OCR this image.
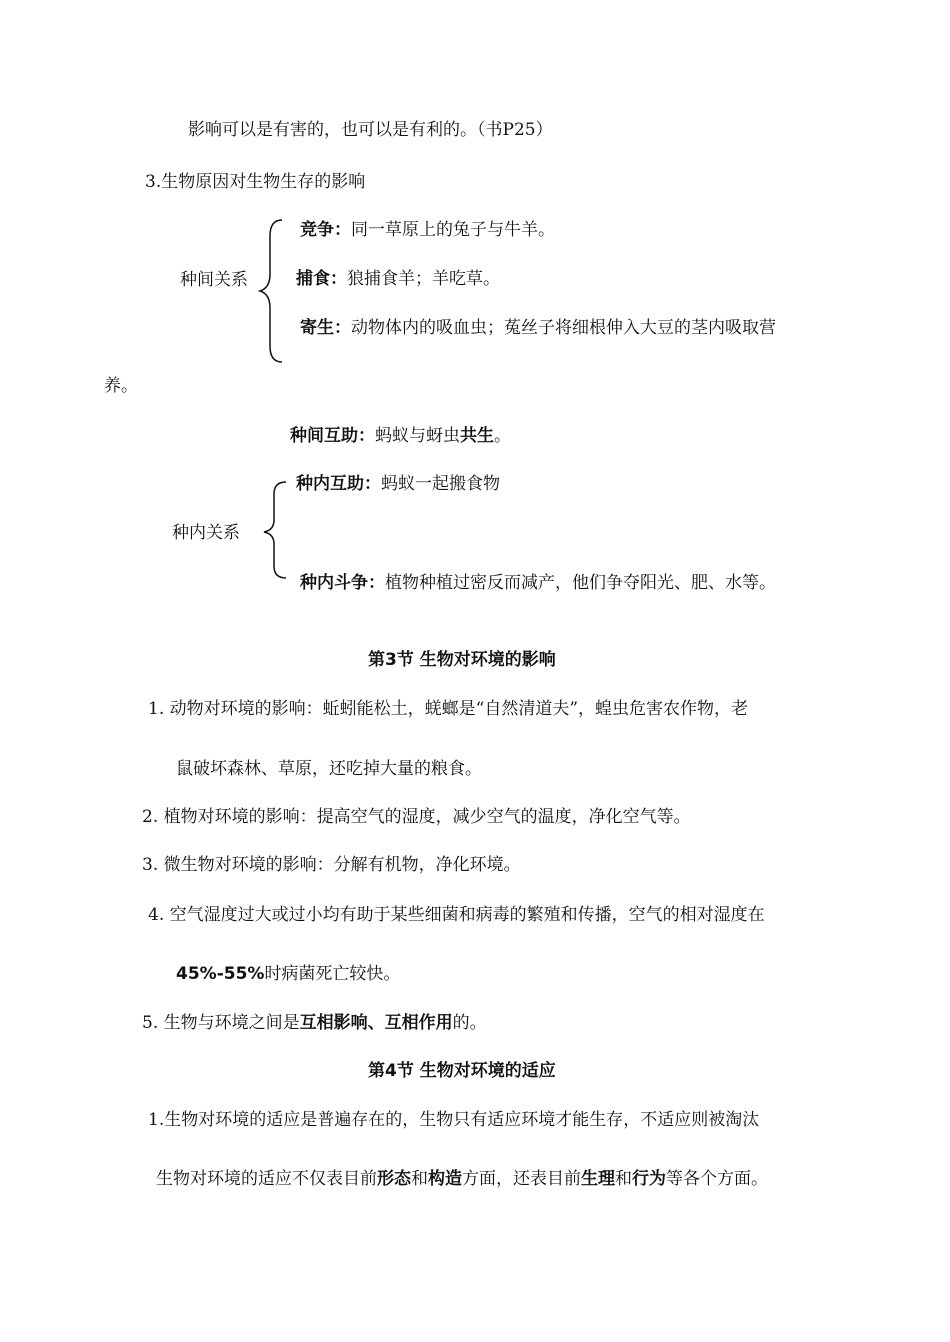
影响可以是有害的，也可以是有利的。（书P25）
3.生物原因对生物生存的影响
种间关系
竞争：同一草原上的兔子与牛羊。
捕食：狼捕食羊；羊吃草。
寄生：动物体内的吸血虫；菟丝子将细根伸入大豆的茎内吸取营
养。
种间互助：蚂蚁与蚜虫共生。
种内关系
种内互助：蚂蚁一起搬食物
种内斗争：植物种植过密反而减产，他们争夺阳光、肥、水等。
第3节 生物对环境的影响
1. 动物对环境的影响：蚯蚓能松土，蜣螂是“自然清道夫”，蝗虫危害农作物，老
鼠破坏森林、草原，还吃掉大量的粮食。
2. 植物对环境的影响：提高空气的湿度，减少空气的温度，净化空气等。
3. 微生物对环境的影响：分解有机物，净化环境。
4. 空气湿度过大或过小均有助于某些细菌和病毒的繁殖和传播，空气的相对湿度在
45%-55%时病菌死亡较快。
5. 生物与环境之间是互相影响、互相作用的。
第4节 生物对环境的适应
1.生物对环境的适应是普遍存在的，生物只有适应环境才能生存，不适应则被淘汰
生物对环境的适应不仅表目前形态和构造方面，还表目前生理和行为等各个方面。
